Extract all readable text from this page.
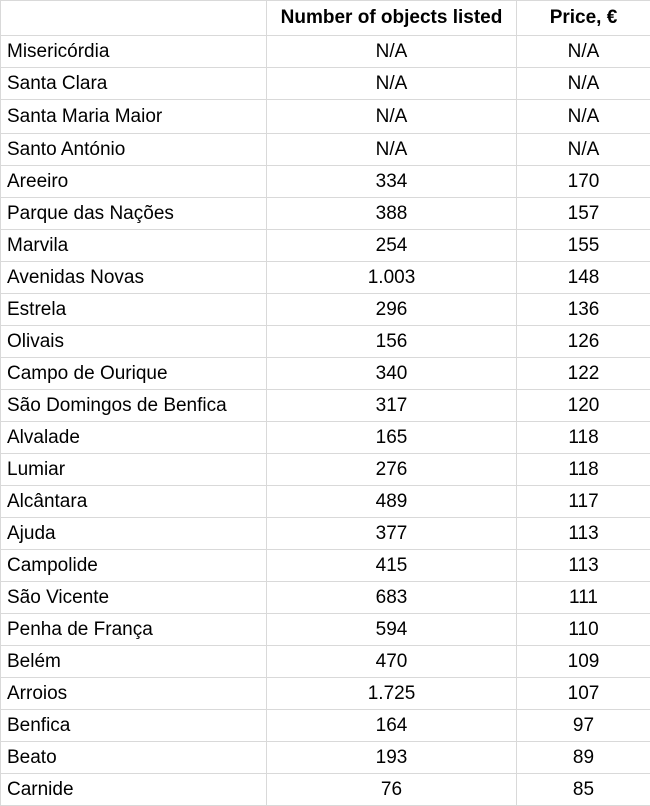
	Number of objects listed	Price, €
Misericórdia	N/A	N/A
Santa Clara	N/A	N/A
Santa Maria Maior	N/A	N/A
Santo António	N/A	N/A
Areeiro	334	170
Parque das Nações	388	157
Marvila	254	155
Avenidas Novas	1.003	148
Estrela	296	136
Olivais	156	126
Campo de Ourique	340	122
São Domingos de Benfica	317	120
Alvalade	165	118
Lumiar	276	118
Alcântara	489	117
Ajuda	377	113
Campolide	415	113
São Vicente	683	111
Penha de França	594	110
Belém	470	109
Arroios	1.725	107
Benfica	164	97
Beato	193	89
Carnide	76	85
